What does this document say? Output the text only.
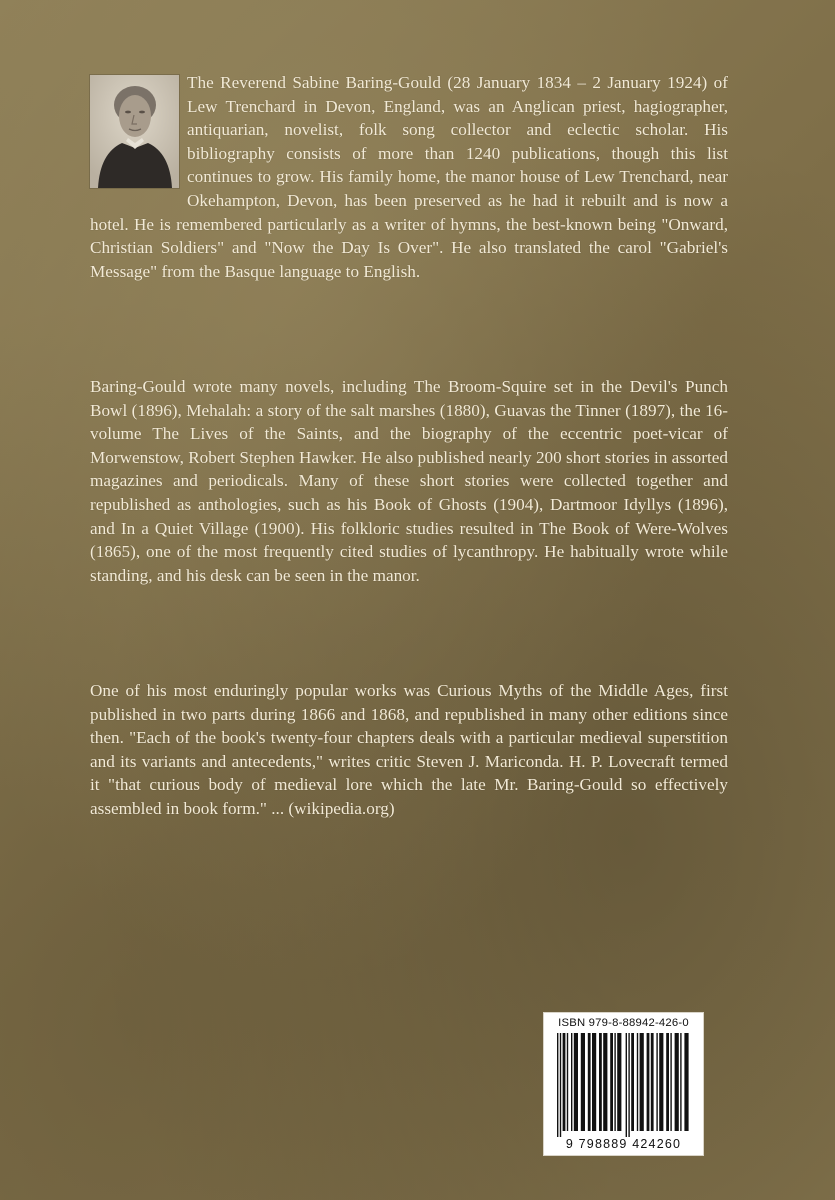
The Reverend Sabine Baring-Gould (28 January 1834 – 2 January 1924) of Lew Trenchard in Devon, England, was an Anglican priest, hagiographer, antiquarian, novelist, folk song collector and eclectic scholar. His bibliography consists of more than 1240 publications, though this list continues to grow. His family home, the manor house of Lew Trenchard, near Okehampton, Devon, has been preserved as he had it rebuilt and is now a hotel. He is remembered particularly as a writer of hymns, the best-known being "Onward, Christian Soldiers" and "Now the Day Is Over". He also translated the carol "Gabriel's Message" from the Basque language to English.
Baring-Gould wrote many novels, including The Broom-Squire set in the Devil's Punch Bowl (1896), Mehalah: a story of the salt marshes (1880), Guavas the Tinner (1897), the 16-volume The Lives of the Saints, and the biography of the eccentric poet-vicar of Morwenstow, Robert Stephen Hawker. He also published nearly 200 short stories in assorted magazines and periodicals. Many of these short stories were collected together and republished as anthologies, such as his Book of Ghosts (1904), Dartmoor Idyllys (1896), and In a Quiet Village (1900). His folkloric studies resulted in The Book of Were-Wolves (1865), one of the most frequently cited studies of lycanthropy. He habitually wrote while standing, and his desk can be seen in the manor.
One of his most enduringly popular works was Curious Myths of the Middle Ages, first published in two parts during 1866 and 1868, and republished in many other editions since then. "Each of the book's twenty-four chapters deals with a particular medieval superstition and its variants and antecedents," writes critic Steven J. Mariconda. H. P. Lovecraft termed it "that curious body of medieval lore which the late Mr. Baring-Gould so effectively assembled in book form." ... (wikipedia.org)
ISBN 979-8-88942-426-0
9 798889 424260
